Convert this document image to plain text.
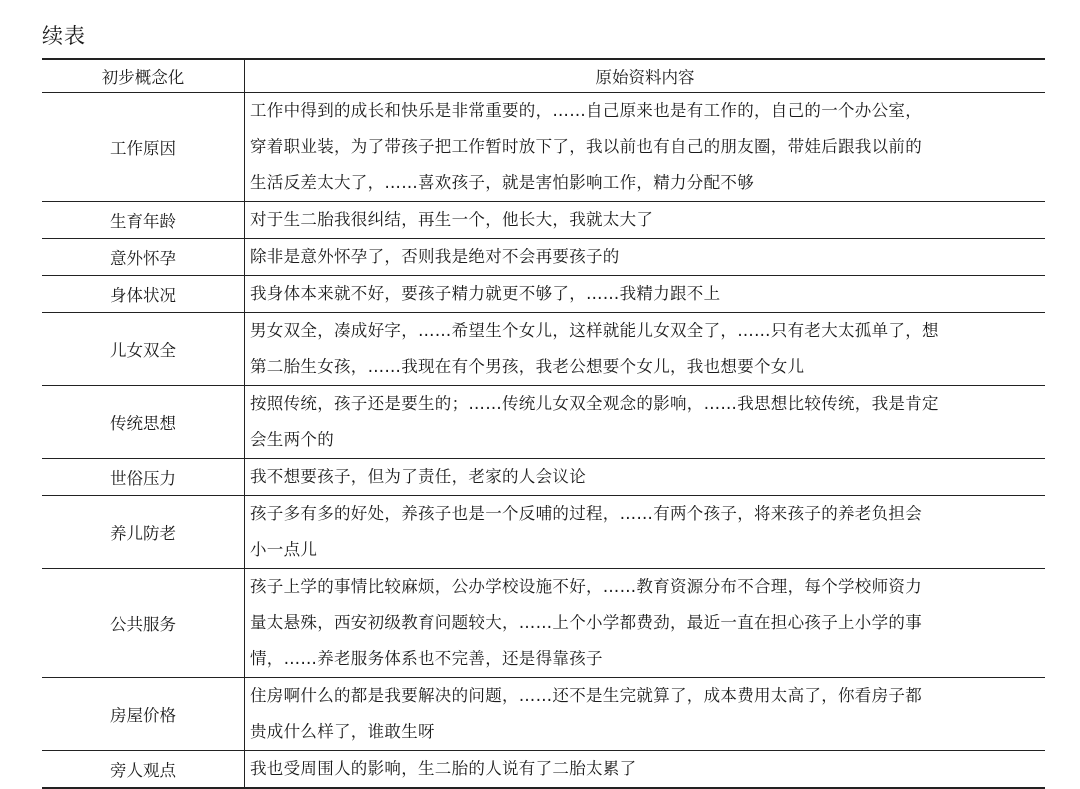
续表
初步概念化	原始资料内容
工作原因	工作中得到的成长和快乐是非常重要的，……自己原来也是有工作的，自己的一个办公室，
穿着职业装，为了带孩子把工作暂时放下了，我以前也有自己的朋友圈，带娃后跟我以前的
生活反差太大了，……喜欢孩子，就是害怕影响工作，精力分配不够

生育年龄	对于生二胎我很纠结，再生一个，他长大，我就太大了

意外怀孕	除非是意外怀孕了，否则我是绝对不会再要孩子的

身体状况	我身体本来就不好，要孩子精力就更不够了，……我精力跟不上

儿女双全	男女双全，凑成好字，……希望生个女儿，这样就能儿女双全了，……只有老大太孤单了，想
第二胎生女孩，……我现在有个男孩，我老公想要个女儿，我也想要个女儿

传统思想	按照传统，孩子还是要生的；……传统儿女双全观念的影响，……我思想比较传统，我是肯定
会生两个的

世俗压力	我不想要孩子，但为了责任，老家的人会议论

养儿防老	孩子多有多的好处，养孩子也是一个反哺的过程，……有两个孩子，将来孩子的养老负担会
小一点儿

公共服务	孩子上学的事情比较麻烦，公办学校设施不好，……教育资源分布不合理，每个学校师资力
量太悬殊，西安初级教育问题较大，……上个小学都费劲，最近一直在担心孩子上小学的事
情，……养老服务体系也不完善，还是得靠孩子

房屋价格	住房啊什么的都是我要解决的问题，……还不是生完就算了，成本费用太高了，你看房子都
贵成什么样了，谁敢生呀

旁人观点	我也受周围人的影响，生二胎的人说有了二胎太累了
